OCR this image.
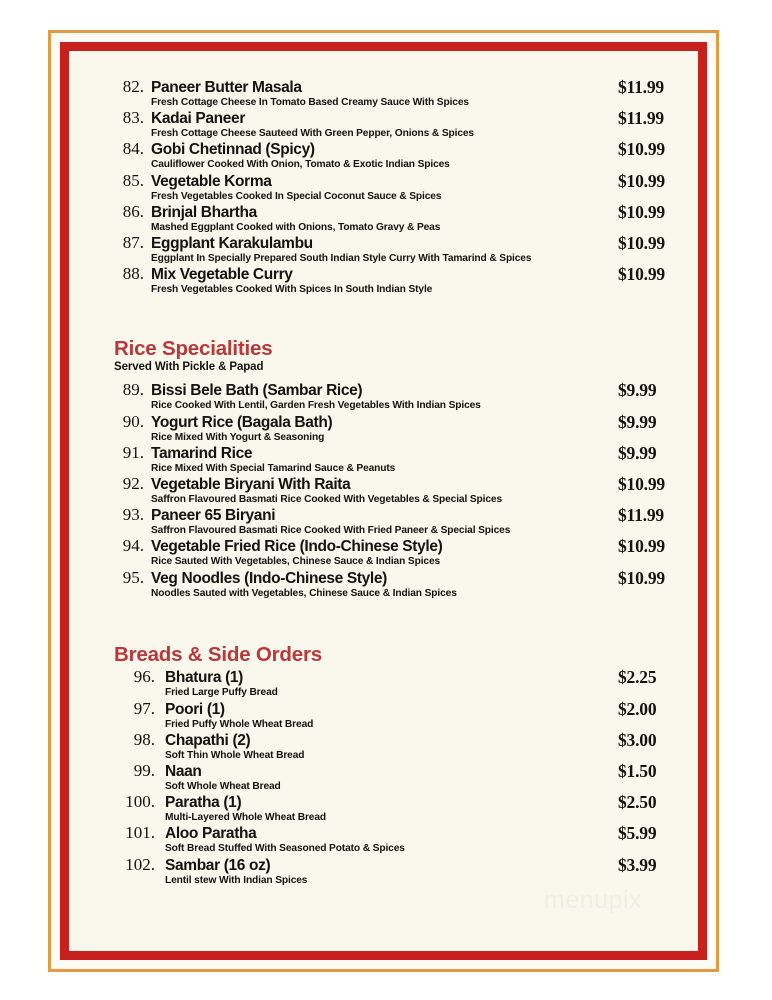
82. Paneer Butter Masala	$11.99
Fresh Cottage Cheese In Tomato Based Creamy Sauce With Spices
83. Kadai Paneer	$11.99
Fresh Cottage Cheese Sauteed With Green Pepper, Onions & Spices
84. Gobi Chetinnad (Spicy)	$10.99
Cauliflower Cooked With Onion, Tomato & Exotic Indian Spices
85. Vegetable Korma	$10.99
Fresh Vegetables Cooked In Special Coconut Sauce & Spices
86. Brinjal Bhartha	$10.99
Mashed Eggplant Cooked with Onions, Tomato Gravy & Peas
87. Eggplant Karakulambu	$10.99
Eggplant In Specially Prepared South Indian Style Curry With Tamarind & Spices
88. Mix Vegetable Curry	$10.99
Fresh Vegetables Cooked With Spices In South Indian Style
Rice Specialities
Served With Pickle & Papad
89. Bissi Bele Bath (Sambar Rice)	$9.99
Rice Cooked With Lentil, Garden Fresh Vegetables With Indian Spices
90. Yogurt Rice (Bagala Bath)	$9.99
Rice Mixed With Yogurt & Seasoning
91. Tamarind Rice	$9.99
Rice Mixed With Special Tamarind Sauce & Peanuts
92. Vegetable Biryani With Raita	$10.99
Saffron Flavoured Basmati Rice Cooked With Vegetables & Special Spices
93. Paneer 65 Biryani	$11.99
Saffron Flavoured Basmati Rice Cooked With Fried Paneer & Special Spices
94. Vegetable Fried Rice (Indo-Chinese Style)	$10.99
Rice Sauted With Vegetables, Chinese Sauce & Indian Spices
95. Veg Noodles (Indo-Chinese Style)	$10.99
Noodles Sauted with Vegetables, Chinese Sauce & Indian Spices
Breads & Side Orders
96. Bhatura (1)	$2.25
Fried Large Puffy Bread
97. Poori (1)	$2.00
Fried Puffy Whole Wheat Bread
98. Chapathi (2)	$3.00
Soft Thin Whole Wheat Bread
99. Naan	$1.50
Soft Whole Wheat Bread
100. Paratha (1)	$2.50
Multi-Layered Whole Wheat Bread
101. Aloo Paratha	$5.99
Soft Bread Stuffed With Seasoned Potato & Spices
102. Sambar (16 oz)	$3.99
Lentil stew With Indian Spices
menupix
